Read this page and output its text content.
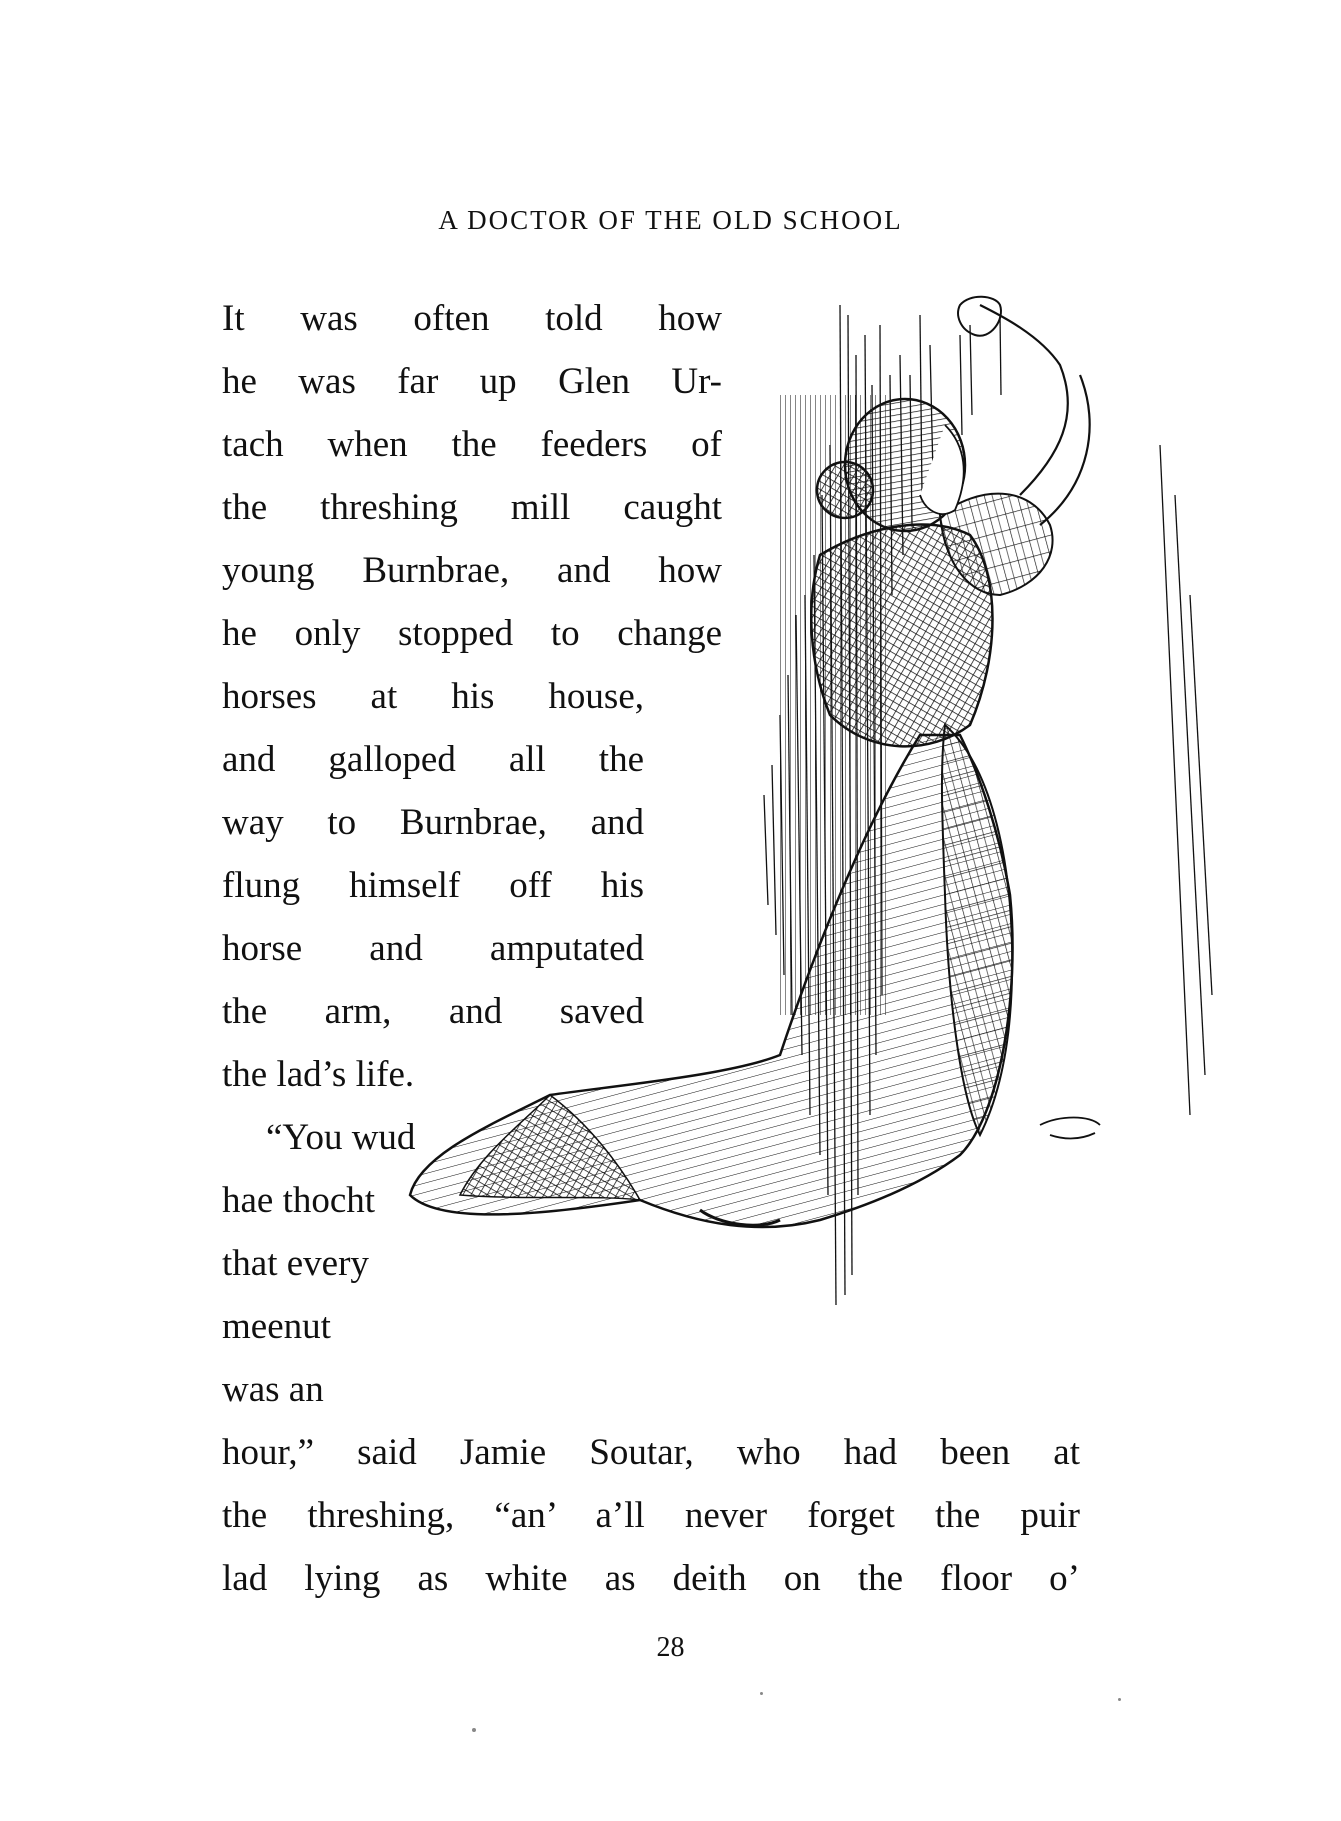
A DOCTOR OF THE OLD SCHOOL
It was often told how
he was far up Glen Ur-
tach when the feeders of
the threshing mill caught
young Burnbrae, and how
he only stopped to change
horses at his house,
and galloped all the
way to Burnbrae, and
flung himself off his
horse and amputated
the arm, and saved
the lad’s life.
“You wud
hae thocht
that every
meenut
was an
hour,” said Jamie Soutar, who had been at
the threshing, “an’ a’ll never forget the puir
lad lying as white as deith on the floor o’
28
